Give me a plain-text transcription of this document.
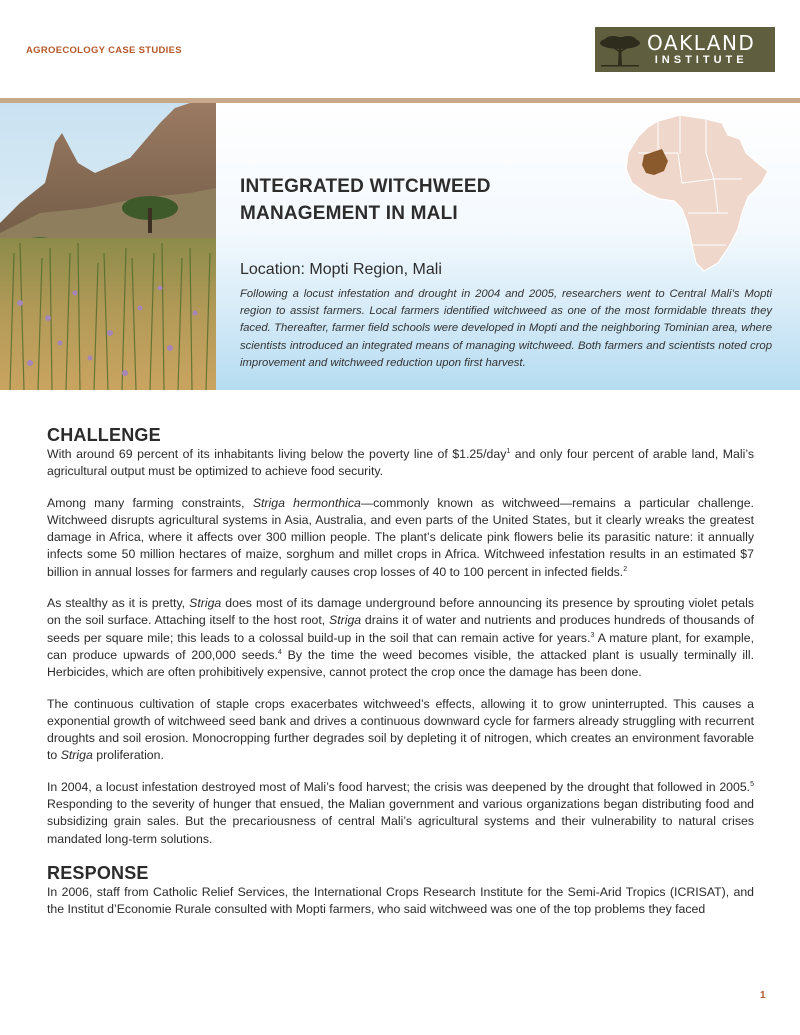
AGROECOLOGY CASE STUDIES	OAKLAND
INSTITUTE
INTEGRATED WITCHWEED
MANAGEMENT IN MALI
Location: Mopti Region, Mali
Following a locust infestation and drought in 2004 and 2005, researchers went to Central Mali’s Mopti region to assist farmers. Local farmers identified witchweed as one of the most formidable threats they faced. Thereafter, farmer field schools were developed in Mopti and the neighboring Tominian area, where scientists introduced an integrated means of managing witchweed. Both farmers and scientists noted crop improvement and witchweed reduction upon first harvest.
CHALLENGE

With around 69 percent of its inhabitants living below the poverty line of $1.25/day$^1$ and only four percent of arable land, Mali’s agricultural output must be optimized to achieve food security.

Among many farming constraints, Striga hermonthica—commonly known as witchweed—remains a particular challenge. Witchweed disrupts agricultural systems in Asia, Australia, and even parts of the United States, but it clearly wreaks the greatest damage in Africa, where it affects over 300 million people. The plant’s delicate pink flowers belie its parasitic nature: it annually infects some 50 million hectares of maize, sorghum and millet crops in Africa. Witchweed infestation results in an estimated $7 billion in annual losses for farmers and regularly causes crop losses of 40 to 100 percent in infected fields.$^2$

As stealthy as it is pretty, Striga does most of its damage underground before announcing its presence by sprouting violet petals on the soil surface. Attaching itself to the host root, Striga drains it of water and nutrients and produces hundreds of thousands of seeds per square mile; this leads to a colossal build-up in the soil that can remain active for years.$^3$ A mature plant, for example, can produce upwards of 200,000 seeds.$^4$ By the time the weed becomes visible, the attacked plant is usually terminally ill. Herbicides, which are often prohibitively expensive, cannot protect the crop once the damage has been done.

The continuous cultivation of staple crops exacerbates witchweed’s effects, allowing it to grow uninterrupted. This causes a exponential growth of witchweed seed bank and drives a continuous downward cycle for farmers already struggling with recurrent droughts and soil erosion. Monocropping further degrades soil by depleting it of nitrogen, which creates an environment favorable to Striga proliferation.

In 2004, a locust infestation destroyed most of Mali’s food harvest; the crisis was deepened by the drought that followed in 2005.$^5$ Responding to the severity of hunger that ensued, the Malian government and various organizations began distributing food and subsidizing grain sales. But the precariousness of central Mali’s agricultural systems and their vulnerability to natural crises mandated long-term solutions.

RESPONSE

In 2006, staff from Catholic Relief Services, the International Crops Research Institute for the Semi-Arid Tropics (ICRISAT), and the Institut d’Economie Rurale consulted with Mopti farmers, who said witchweed was one of the top problems they faced

1
